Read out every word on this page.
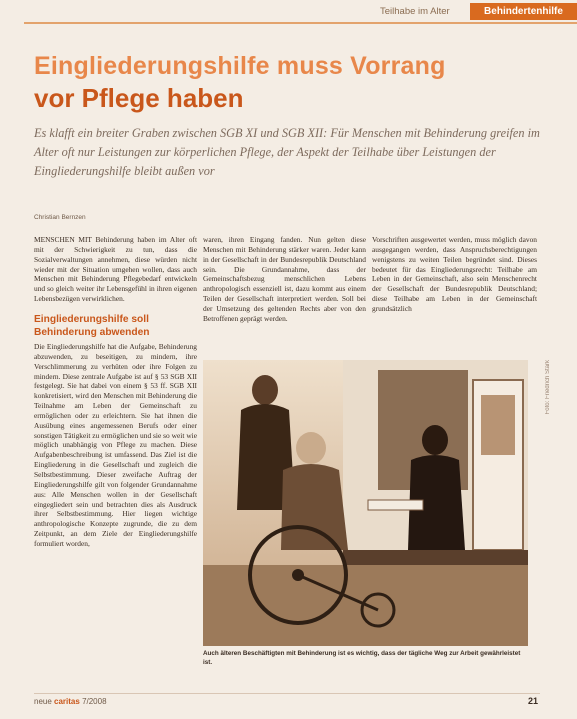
Teilhabe im Alter	Behindertenhilfe
Eingliederungshilfe muss Vorrang
vor Pflege haben
Es klafft ein breiter Graben zwischen SGB XI und SGB XII: Für Menschen mit Behinderung greifen im Alter oft nur Leistungen zur körperlichen Pflege, der Aspekt der Teilhabe über Leistungen der Eingliederungshilfe bleibt außen vor
Christian Bernzen

MENSCHEN MIT Behinderung haben im Alter oft mit der Schwierigkeit zu tun, dass die Sozialverwaltungen annehmen, diese würden nicht wieder mit der Situation umgehen wollen, dass auch Menschen mit Behinderung Pflegebedarf entwickeln und so gleich weiter ihr Lebensgefühl in ihren eigenen Lebensbezügen verwirklichen.

Eingliederungshilfe soll Behinderung abwenden

Die Eingliederungshilfe hat die Aufgabe, Behinderung abzuwenden, zu beseitigen, zu mindern, ihre Verschlimmerung zu verhüten oder ihre Folgen zu mindern. Diese zentrale Aufgabe ist auf § 53 SGB XII festgelegt. Sie hat dabei von einem § 53 ff. SGB XII konkretisiert, wird den Menschen mit Behinderung die Teilnahme am Leben der Gemeinschaft zu ermöglichen oder zu erleichtern. Sie hat ihnen die Ausübung eines angemessenen Berufs oder einer sonstigen Tätigkeit zu ermöglichen und sie so weit wie möglich unabhängig von Pflege zu machen. Diese Aufgabenbeschreibung ist umfassend. Das Ziel ist die Eingliederung in die Gesellschaft und zugleich die Selbstbestimmung. Dieser zweifache Auftrag der Eingliederungshilfe gilt von folgender Grundannahme aus: Alle Menschen wollen in der Gesellschaft eingegliedert sein und betrachten dies als Ausdruck ihrer Selbstbestimmung. Hier liegen wichtige anthropologische Konzepte zugrunde, die zu dem Zeitpunkt, an dem Ziele der Eingliederungshilfe formuliert worden,

waren, ihren Eingang fanden. Nun gelten diese Menschen mit Behinderung stärker waren. Jeder kann in der Gesellschaft in der Bundesrepublik Deutschland sein. Die Grundannahme, dass der Gemeinschaftsbezug menschlichen Lebens anthropologisch essenziell ist, dazu kommt aus einem Teilen der Gesellschaft interpretiert werden. Soll bei der Umsetzung des geltenden Rechts aber von den Betroffenen geprägt werden.

Vorschriften ausgewertet werden, muss möglich davon ausgegangen werden, dass Anspruchsberechtigungen wenigstens zu weiten Teilen begründet sind. Dieses bedeutet für das Eingliederungsrecht: Teilhabe am Leben in der Gemeinschaft, also sein Menschenrecht der Gesellschaft der Bundesrepublik Deutschland; diese Teilhabe am Leben in der Gemeinschaft grundsätzlich

Foto: Friedrich Stark
Auch älteren Beschäftigten mit Behinderung ist es wichtig, dass der tägliche Weg zur Arbeit gewährleistet ist.
neue caritas 7/2008	21
